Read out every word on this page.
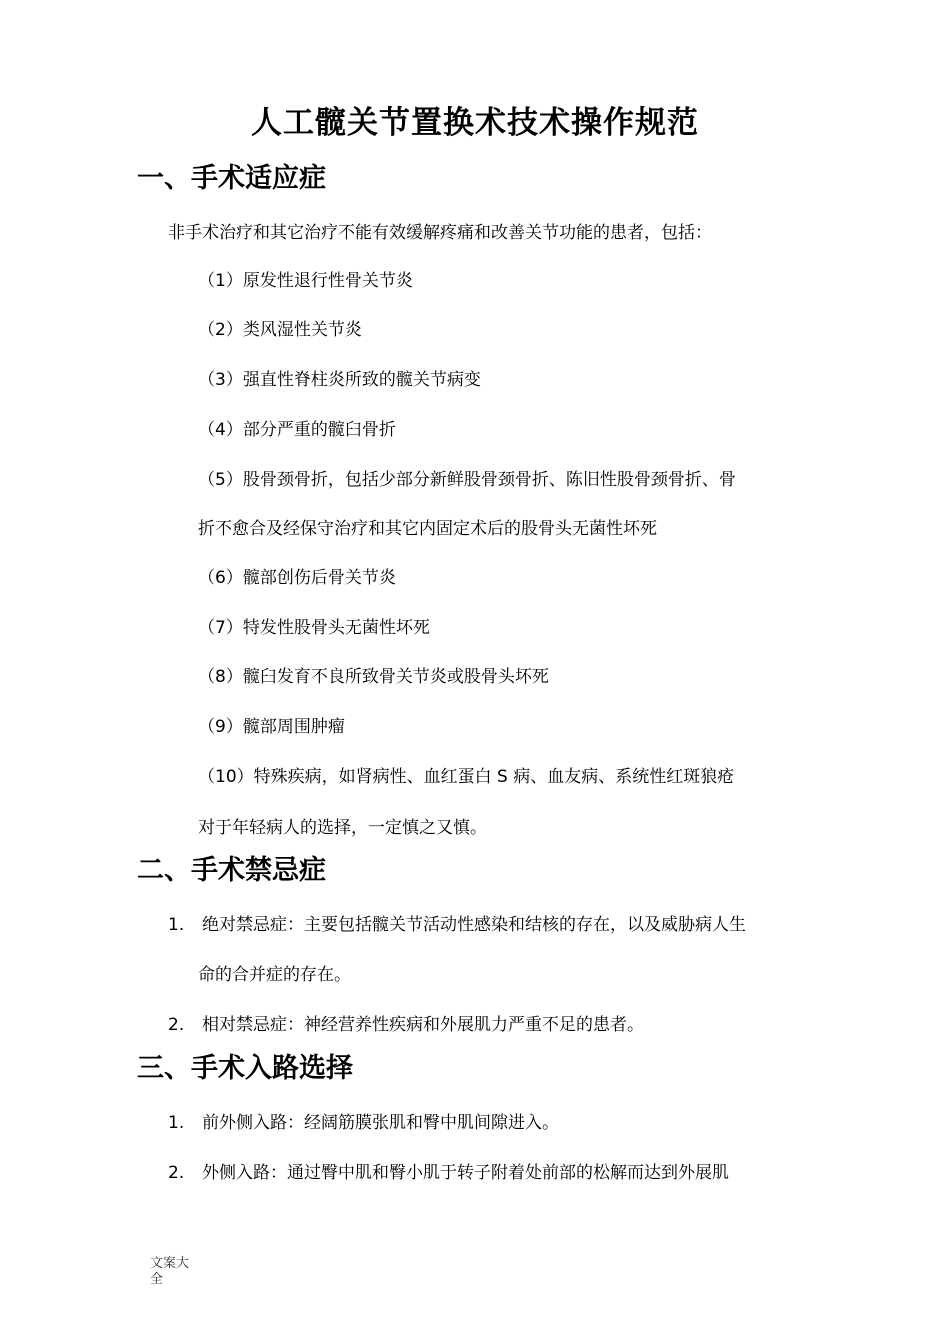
人工髋关节置换术技术操作规范
一、手术适应症
非手术治疗和其它治疗不能有效缓解疼痛和改善关节功能的患者，包括：
（1）原发性退行性骨关节炎
（2）类风湿性关节炎
（3）强直性脊柱炎所致的髋关节病变
（4）部分严重的髋臼骨折
（5）股骨颈骨折，包括少部分新鲜股骨颈骨折、陈旧性股骨颈骨折、骨
折不愈合及经保守治疗和其它内固定术后的股骨头无菌性坏死
（6）髋部创伤后骨关节炎
（7）特发性股骨头无菌性坏死
（8）髋臼发育不良所致骨关节炎或股骨头坏死
（9）髋部周围肿瘤
（10）特殊疾病，如肾病性、血红蛋白 S 病、血友病、系统性红斑狼疮
对于年轻病人的选择，一定慎之又慎。
二、手术禁忌症
1. 绝对禁忌症：主要包括髋关节活动性感染和结核的存在，以及威胁病人生
命的合并症的存在。
2. 相对禁忌症：神经营养性疾病和外展肌力严重不足的患者。
三、手术入路选择
1. 前外侧入路：经阔筋膜张肌和臀中肌间隙进入。
2. 外侧入路：通过臀中肌和臀小肌于转子附着处前部的松解而达到外展肌
文案大全
